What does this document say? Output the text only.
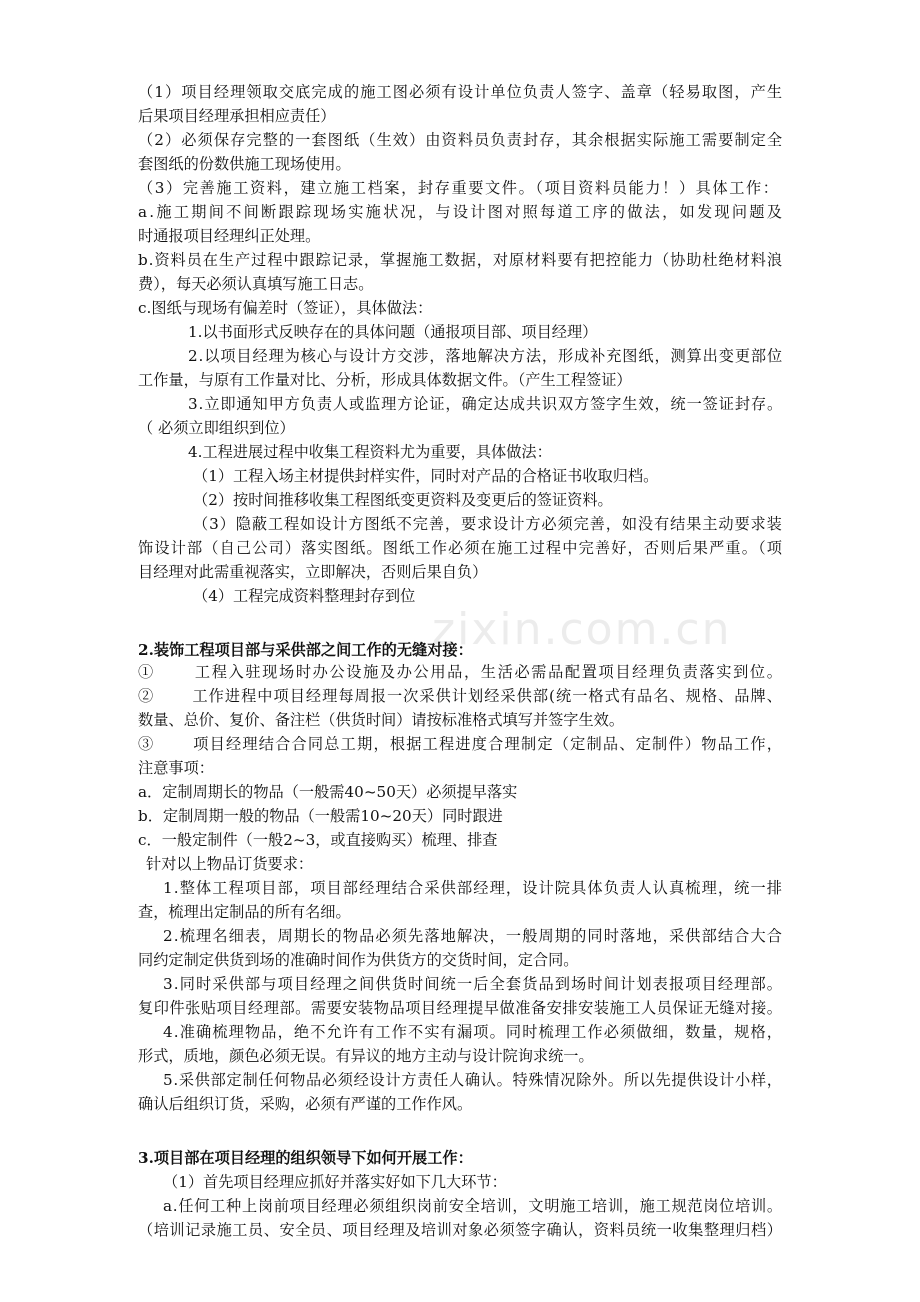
zixin.com.cn
（1）项目经理领取交底完成的施工图必须有设计单位负责人签字、盖章（轻易取图，产生
后果项目经理承担相应责任）
（2）必须保存完整的一套图纸（生效）由资料员负责封存，其余根据实际施工需要制定全
套图纸的份数供施工现场使用。
（3）完善施工资料，建立施工档案，封存重要文件。（项目资料员能力！）具体工作：
a.施工期间不间断跟踪现场实施状况，与设计图对照每道工序的做法，如发现问题及
时通报项目经理纠正处理。
b.资料员在生产过程中跟踪记录，掌握施工数据，对原材料要有把控能力（协助杜绝材料浪
费），每天必须认真填写施工日志。
c.图纸与现场有偏差时（签证），具体做法：
1.以书面形式反映存在的具体问题（通报项目部、项目经理）
2.以项目经理为核心与设计方交涉，落地解决方法，形成补充图纸，测算出变更部位
工作量，与原有工作量对比、分析，形成具体数据文件。（产生工程签证）
3.立即通知甲方负责人或监理方论证，确定达成共识双方签字生效，统一签证封存。
（ 必须立即组织到位）
4.工程进展过程中收集工程资料尤为重要，具体做法：
（1）工程入场主材提供封样实件，同时对产品的合格证书收取归档。
（2）按时间推移收集工程图纸变更资料及变更后的签证资料。
（3）隐蔽工程如设计方图纸不完善，要求设计方必须完善，如没有结果主动要求装
饰设计部（自己公司）落实图纸。图纸工作必须在施工过程中完善好，否则后果严重。（项
目经理对此需重视落实，立即解决，否则后果自负）
（4）工程完成资料整理封存到位
2.装饰工程项目部与采供部之间工作的无缝对接：
①　　 工程入驻现场时办公设施及办公用品，生活必需品配置项目经理负责落实到位。
②　　 工作进程中项目经理每周报一次采供计划经采供部(统一格式有品名、规格、品牌、
数量、总价、复价、备注栏（供货时间）请按标准格式填写并签字生效。
③　　 项目经理结合合同总工期，根据工程进度合理制定（定制品、定制件）物品工作，
注意事项：
a．定制周期长的物品（一般需40~50天）必须提早落实
b．定制周期一般的物品（一般需10~20天）同时跟进
c．一般定制件（一般2~3，或直接购买）梳理、排查
针对以上物品订货要求：
1.整体工程项目部，项目部经理结合采供部经理，设计院具体负责人认真梳理，统一排
查，梳理出定制品的所有名细。
2.梳理名细表，周期长的物品必须先落地解决，一般周期的同时落地，采供部结合大合
同约定制定供货到场的准确时间作为供货方的交货时间，定合同。
3.同时采供部与项目经理之间供货时间统一后全套货品到场时间计划表报项目经理部。
复印件张贴项目经理部。需要安装物品项目经理提早做准备安排安装施工人员保证无缝对接。
4.准确梳理物品，绝不允许有工作不实有漏项。同时梳理工作必须做细，数量，规格，
形式，质地，颜色必须无误。有异议的地方主动与设计院询求统一。
5.采供部定制任何物品必须经设计方责任人确认。特殊情况除外。所以先提供设计小样，
确认后组织订货，采购，必须有严谨的工作作风。
3.项目部在项目经理的组织领导下如何开展工作：
（1）首先项目经理应抓好并落实好如下几大环节：
a.任何工种上岗前项目经理必须组织岗前安全培训，文明施工培训，施工规范岗位培训。
（培训记录施工员、安全员、项目经理及培训对象必须签字确认，资料员统一收集整理归档）
